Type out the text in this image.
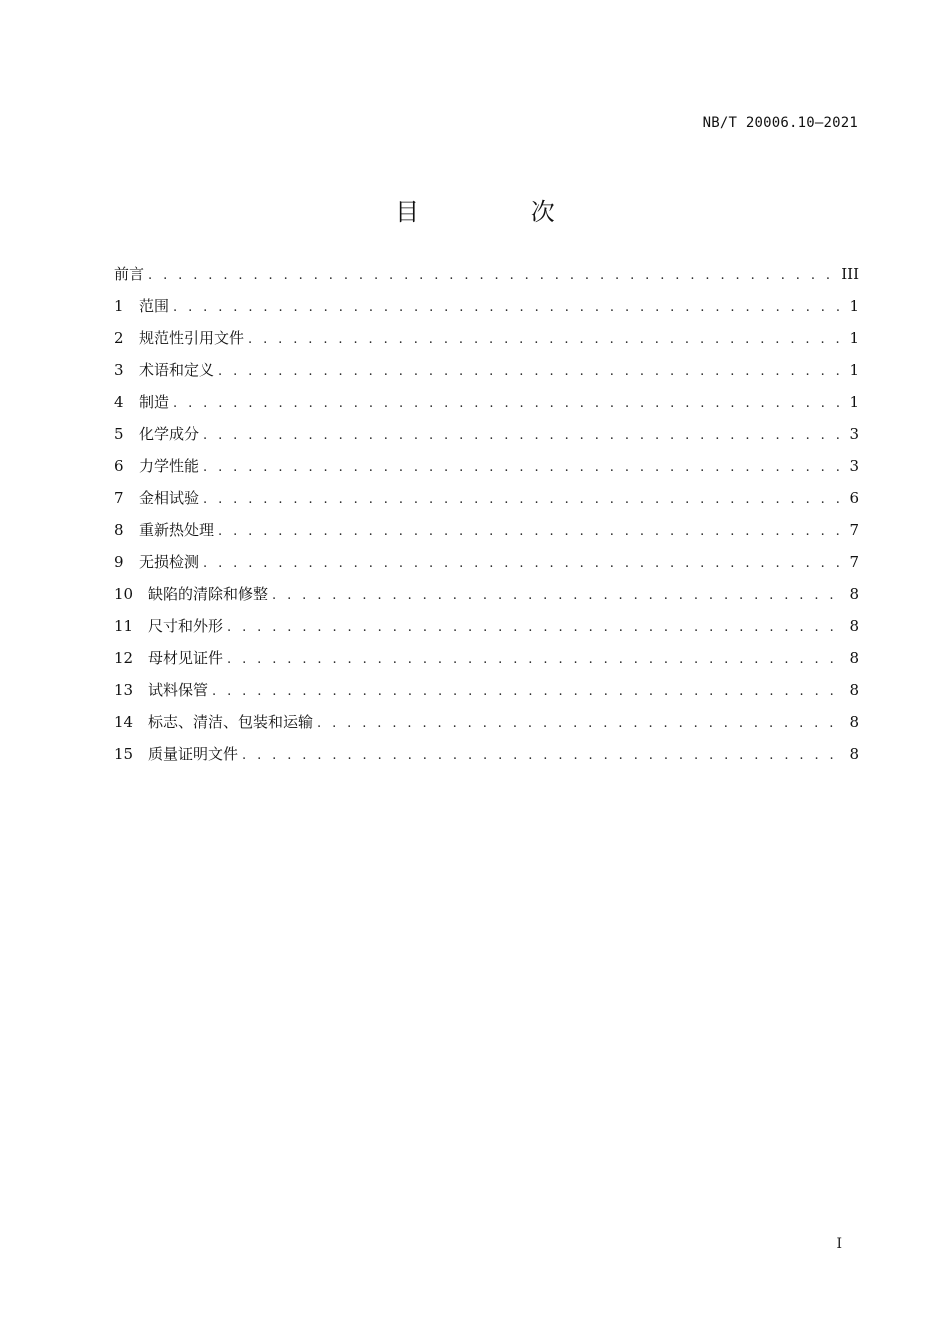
NB/T 20006.10—2021
目 次
前言 . . .	III
1	范围 . . .	1
2	规范性引用文件 . . .	1
3	术语和定义 . . .	1
4	制造 . . .	1
5	化学成分 . . .	3
6	力学性能 . . .	3
7	金相试验 . . .	6
8	重新热处理 . . .	7
9	无损检测 . . .	7
10 缺陷的清除和修整 . . .	8
11 尺寸和外形 . . .	8
12 母材见证件 . . .	8
13 试料保管 . . .	8
14 标志、清洁、包装和运输 . . .	8
15 质量证明文件 . . .	8
I
